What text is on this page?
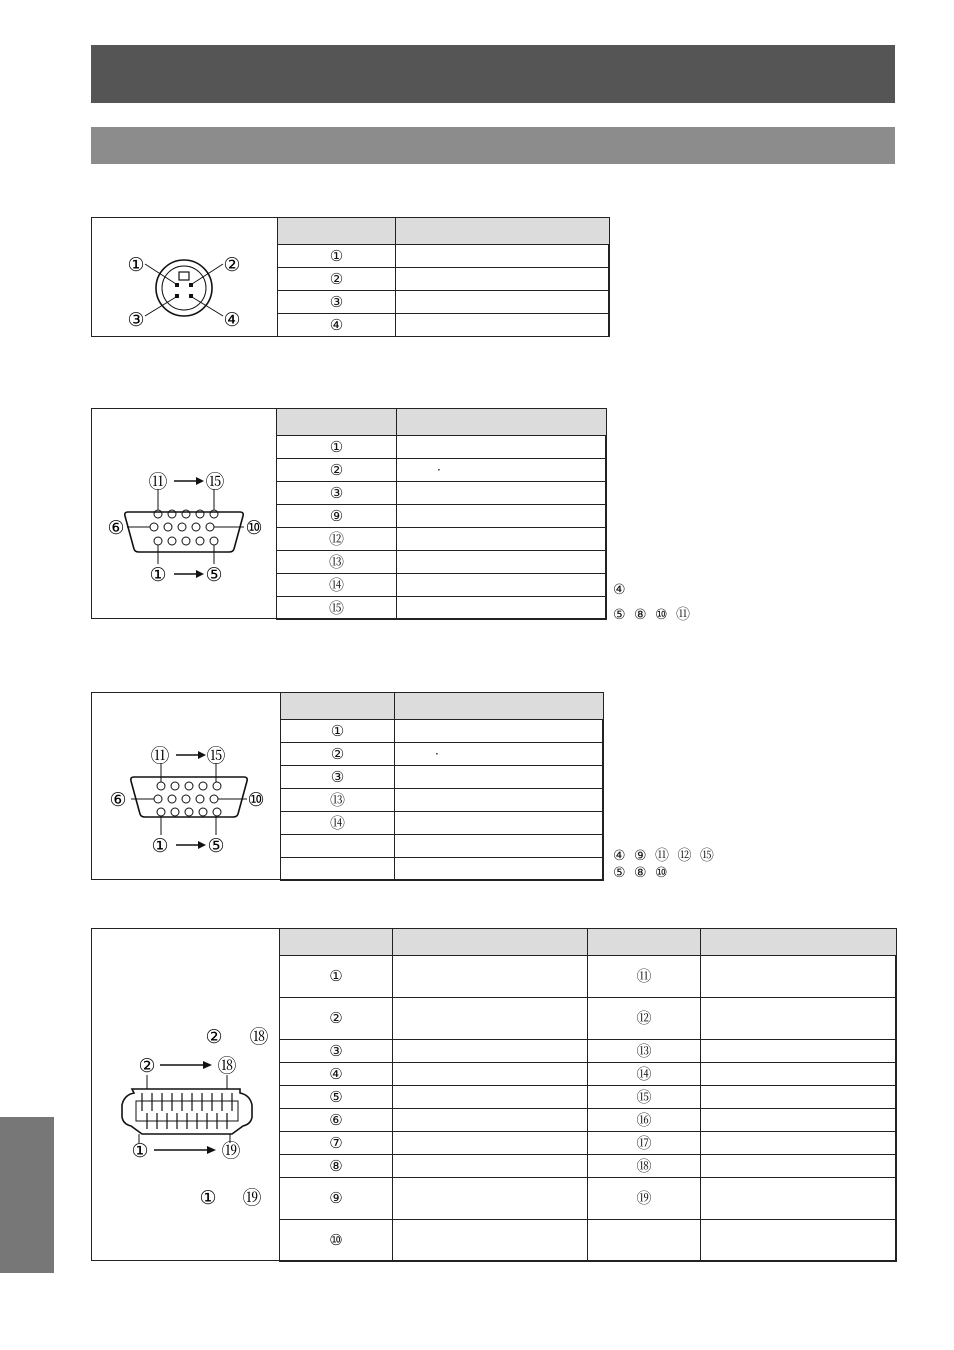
①	②
③	④

①	
②	
③	
④	
⑪ ⑮
⑥	⑩
① ⑤

①	
②	·
③	
⑨	
⑫	
⑬	
⑭	
⑮	
④
⑤ ⑧ ⑩ ⑪
⑪ ⑮
⑥	⑩
① ⑤

①	
②	·
③	
⑬	
⑭	

④ ⑨ ⑪ ⑫ ⑮
⑤ ⑧ ⑩
② ⑱
②	⑱
①	⑲
① ⑲

①		⑪	
②		⑫	
③		⑬	
④		⑭	
⑤		⑮	
⑥		⑯	
⑦		⑰	
⑧		⑱	
⑨		⑲	
⑩			
